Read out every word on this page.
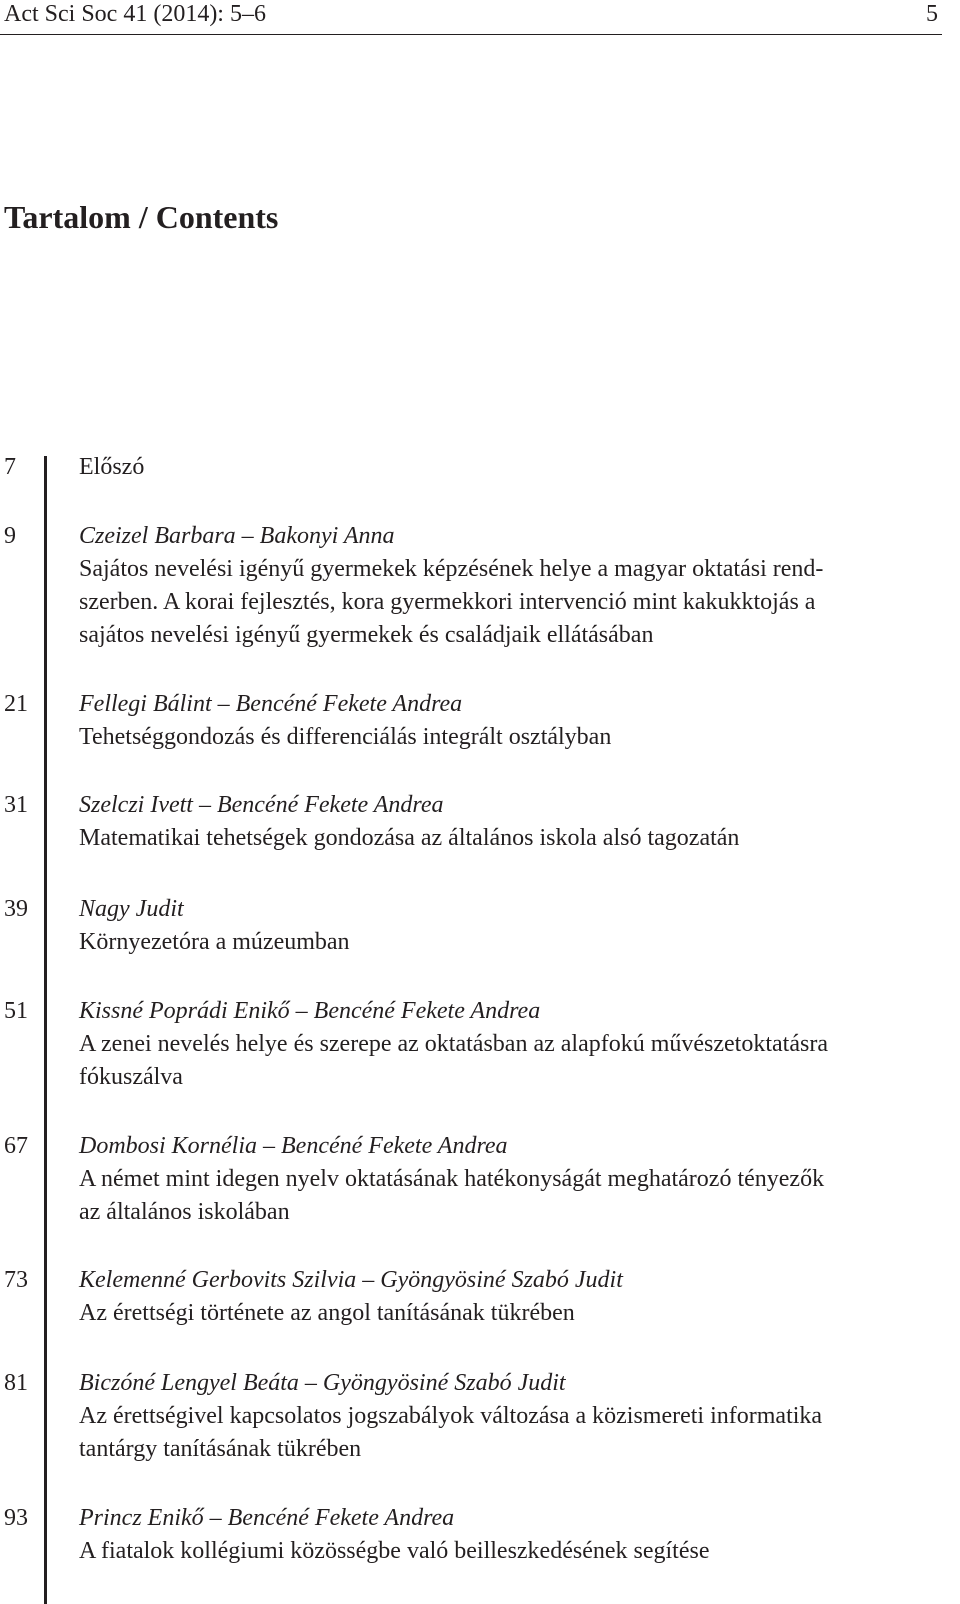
Act Sci Soc 41 (2014): 5–6	5
Tartalom / Contents
7	Előszó
9	Czeizel Barbara – Bakonyi Anna
Sajátos nevelési igényű gyermekek képzésének helye a magyar oktatási rend-
szerben. A korai fejlesztés, kora gyermekkori intervenció mint kakukktojás a
sajátos nevelési igényű gyermekek és családjaik ellátásában
21 Fellegi Bálint – Bencéné Fekete Andrea
Tehetséggondozás és differenciálás integrált osztályban
31 Szelczi Ivett – Bencéné Fekete Andrea
Matematikai tehetségek gondozása az általános iskola alsó tagozatán
39 Nagy Judit
Környezetóra a múzeumban
51 Kissné Poprádi Enikő – Bencéné Fekete Andrea
A zenei nevelés helye és szerepe az oktatásban az alapfokú művészetoktatásra
fókuszálva
67 Dombosi Kornélia – Bencéné Fekete Andrea
A német mint idegen nyelv oktatásának hatékonyságát meghatározó tényezők
az általános iskolában
73 Kelemenné Gerbovits Szilvia – Gyöngyösiné Szabó Judit
Az érettségi története az angol tanításának tükrében
81 Biczóné Lengyel Beáta – Gyöngyösiné Szabó Judit
Az érettségivel kapcsolatos jogszabályok változása a közismereti informatika
tantárgy tanításának tükrében
93 Princz Enikő – Bencéné Fekete Andrea
A fiatalok kollégiumi közösségbe való beilleszkedésének segítése
